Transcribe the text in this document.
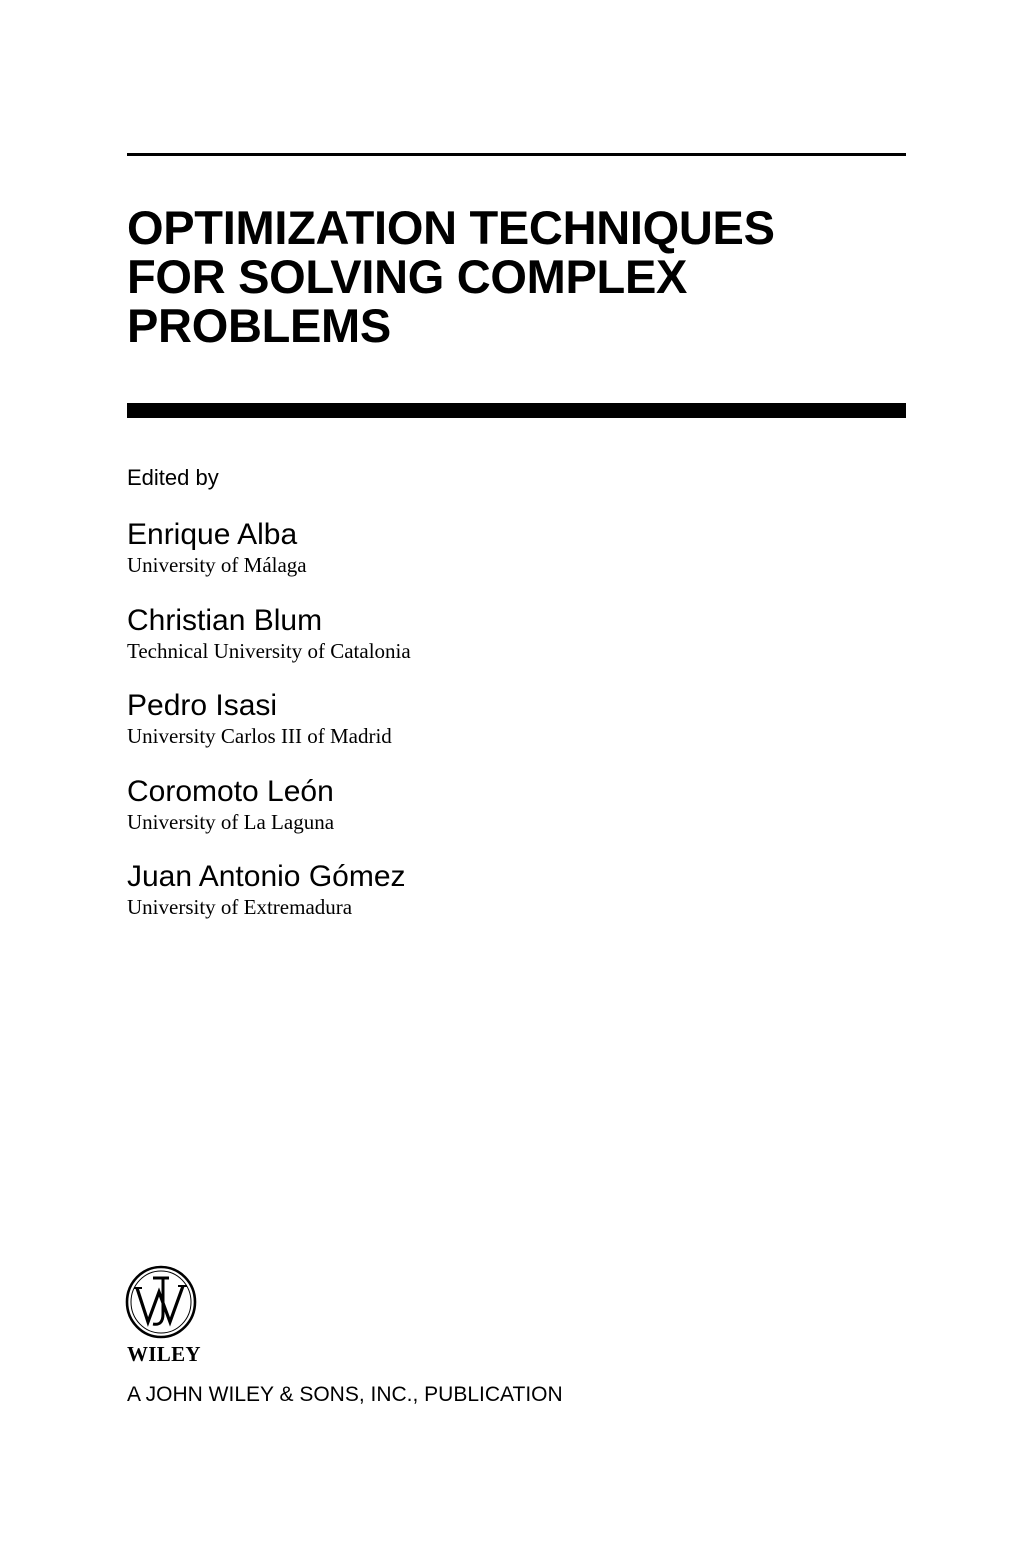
OPTIMIZATION TECHNIQUES
FOR SOLVING COMPLEX
PROBLEMS
Edited by
Enrique Alba
University of Málaga
Christian Blum
Technical University of Catalonia
Pedro Isasi
University Carlos III of Madrid
Coromoto León
University of La Laguna
Juan Antonio Gómez
University of Extremadura
WILEY
A JOHN WILEY & SONS, INC., PUBLICATION
